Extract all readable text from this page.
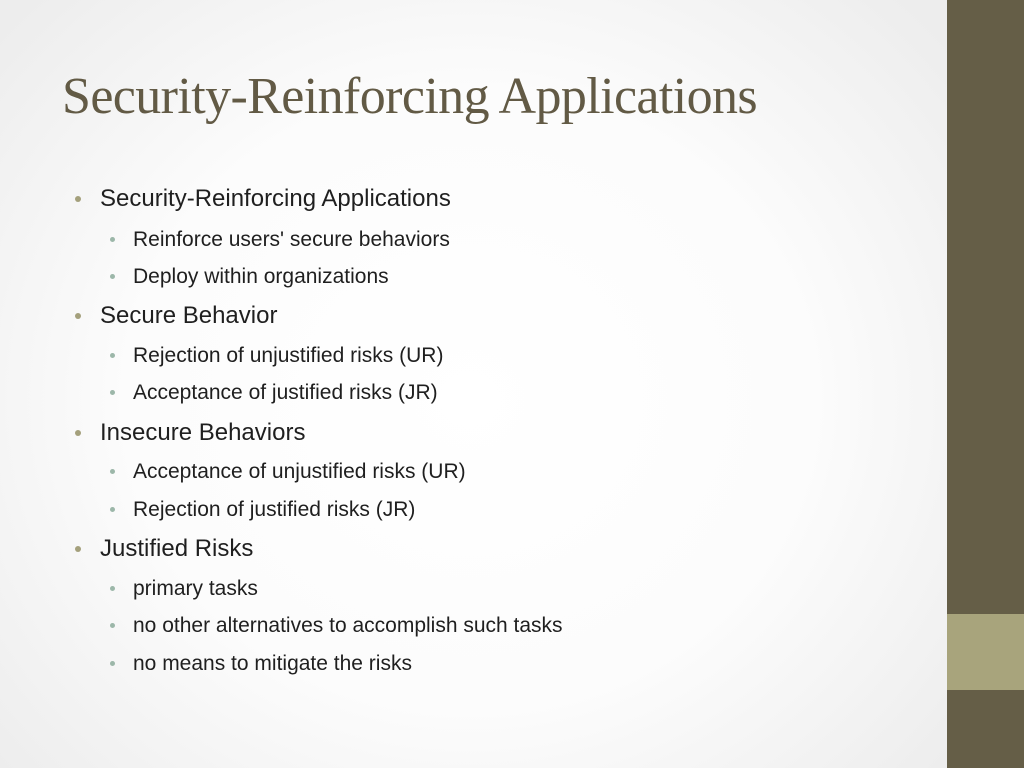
Security-Reinforcing Applications
Security-Reinforcing Applications
Reinforce users' secure behaviors
Deploy within organizations
Secure Behavior
Rejection of unjustified risks (UR)
Acceptance of justified risks (JR)
Insecure Behaviors
Acceptance of unjustified risks (UR)
Rejection of justified risks (JR)
Justified Risks
primary tasks
no other alternatives to accomplish such tasks
no means to mitigate the risks
